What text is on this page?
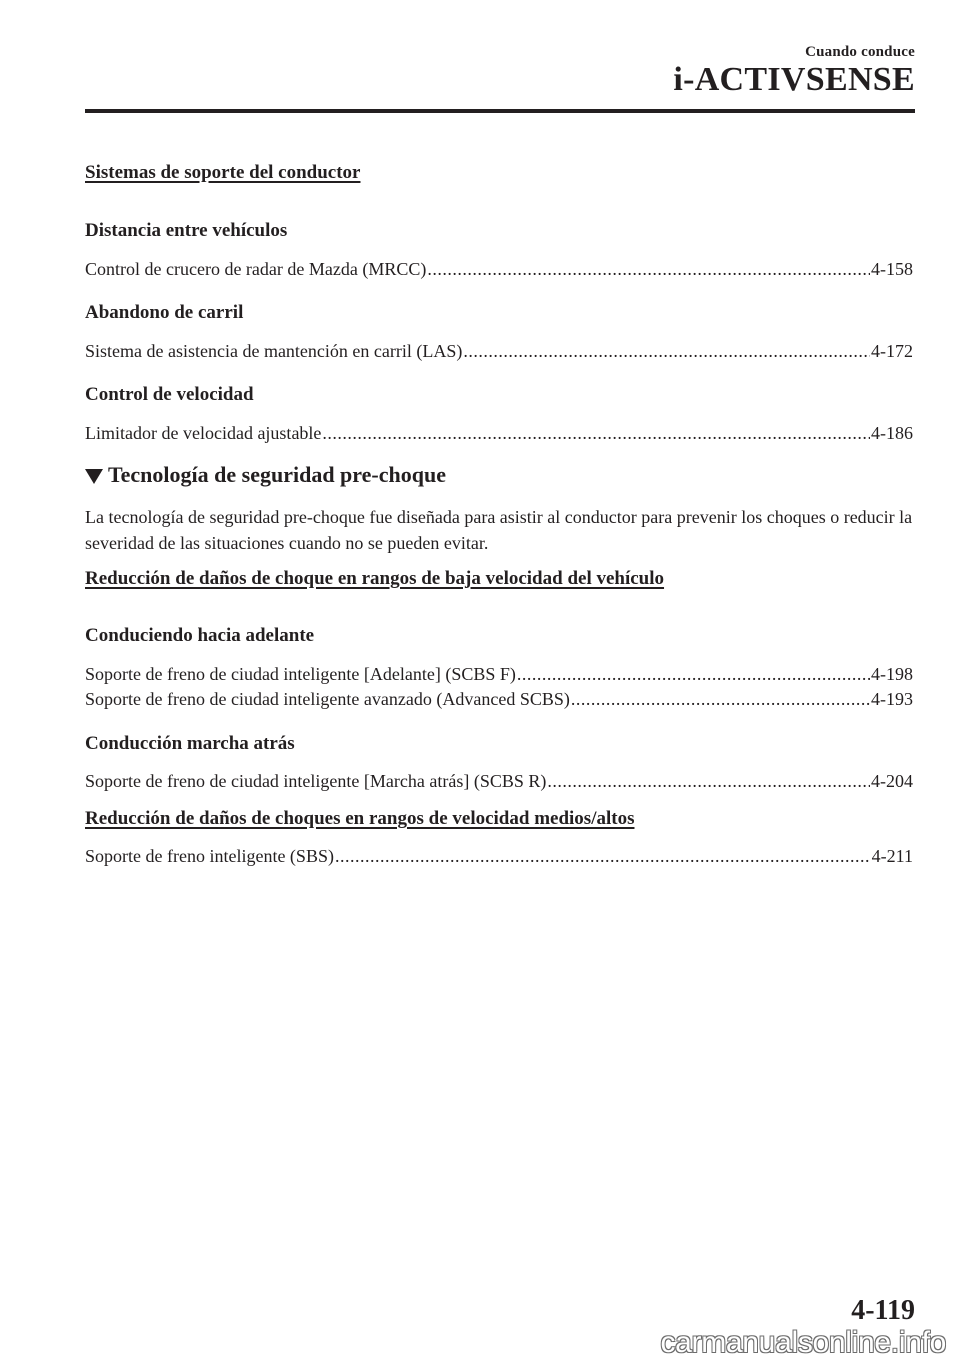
Cuando conduce
i-ACTIVSENSE
Sistemas de soporte del conductor
Distancia entre vehículos
Control de crucero de radar de Mazda (MRCC) .....	4-158
Abandono de carril
Sistema de asistencia de mantención en carril (LAS) .....	4-172
Control de velocidad
Limitador de velocidad ajustable .....	4-186
Tecnología de seguridad pre-choque
La tecnología de seguridad pre-choque fue diseñada para asistir al conductor para prevenir los choques o reducir la severidad de las situaciones cuando no se pueden evitar.
Reducción de daños de choque en rangos de baja velocidad del vehículo
Conduciendo hacia adelante
Soporte de freno de ciudad inteligente [Adelante] (SCBS F) .....	4-198
Soporte de freno de ciudad inteligente avanzado (Advanced SCBS) .....	4-193
Conducción marcha atrás
Soporte de freno de ciudad inteligente [Marcha atrás] (SCBS R) .....	4-204
Reducción de daños de choques en rangos de velocidad medios/altos
Soporte de freno inteligente (SBS) .....	4-211
4-119
carmanualsonline.info
